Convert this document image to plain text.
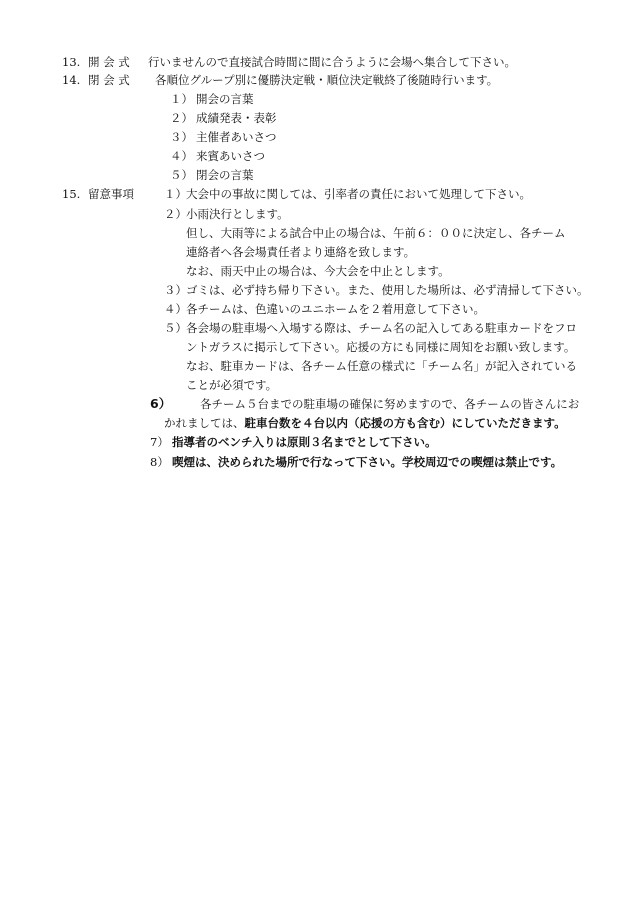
13. 開 会 式 行いませんので直接試合時間に間に合うように会場へ集合して下さい。
14. 閉 会 式 各順位グループ別に優勝決定戦・順位決定戦終了後随時行います。
１） 開会の言葉
２） 成績発表・表彰
３） 主催者あいさつ
４） 来賓あいさつ
５） 閉会の言葉
15. 留意事項	１） 大会中の事故に関しては、引率者の責任において処理して下さい。
２） 小雨決行とします。
但し、大雨等による試合中止の場合は、午前６：００に決定し、各チーム
連絡者へ各会場責任者より連絡を致します。
なお、雨天中止の場合は、今大会を中止とします。
３） ゴミは、必ず持ち帰り下さい。また、使用した場所は、必ず清掃して下さい。
４） 各チームは、色違いのユニホームを２着用意して下さい。
５） 各会場の駐車場へ入場する際は、チーム名の記入してある駐車カードをフロ
ントガラスに掲示して下さい。応援の方にも同様に周知をお願い致します。
なお、駐車カードは、各チーム任意の様式に「チーム名」が記入されている
ことが必須です。
6）	各チーム５台までの駐車場の確保に努めますので、各チームの皆さんにお
かれましては、駐車台数を４台以内（応援の方も含む）にしていただきます。
7） 指導者のベンチ入りは原則３名までとして下さい。
8） 喫煙は、決められた場所で行なって下さい。学校周辺での喫煙は禁止です。
